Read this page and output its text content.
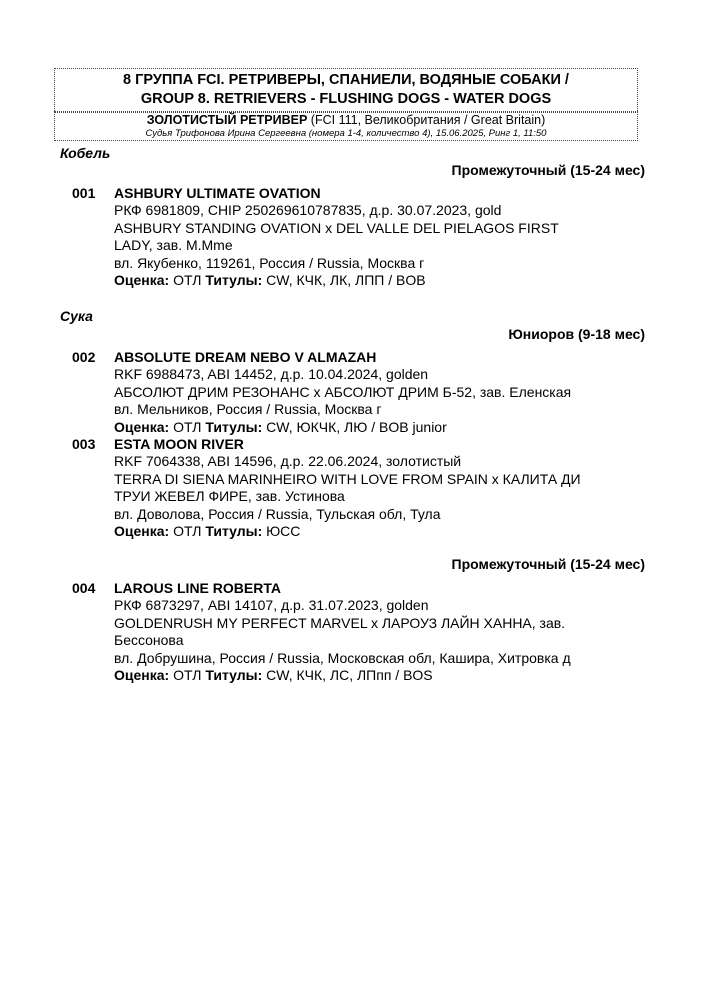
8 ГРУППА FCI. РЕТРИВЕРЫ, СПАНИЕЛИ, ВОДЯНЫЕ СОБАКИ /
GROUP 8. RETRIEVERS - FLUSHING DOGS - WATER DOGS
ЗОЛОТИСТЫЙ РЕТРИВЕР (FCI 111, Великобритания / Great Britain)
Судья Трифонова Ирина Сергеевна (номера 1-4, количество 4), 15.06.2025, Ринг 1, 11:50
Кобель
Промежуточный (15-24 мес)
001 ASHBURY ULTIMATE OVATION
РКФ 6981809, CHIP 250269610787835, д.р. 30.07.2023, gold
ASHBURY STANDING OVATION x DEL VALLE DEL PIELAGOS FIRST
LADY, зав. M.Mme
вл. Якубенко, 119261, Россия / Russia, Москва г
Оценка: ОТЛ Титулы: CW, КЧК, ЛК, ЛПП / BOB
Сука
Юниоров (9-18 мес)
002 ABSOLUTE DREAM NEBO V ALMAZAH
RKF 6988473, ABI 14452, д.р. 10.04.2024, golden
АБСОЛЮТ ДРИМ РЕЗОНАНС x АБСОЛЮТ ДРИМ Б-52, зав. Еленская
вл. Мельников, Россия / Russia, Москва г
Оценка: ОТЛ Титулы: CW, ЮКЧК, ЛЮ / BOB junior
003 ESTA MOON RIVER
RKF 7064338, ABI 14596, д.р. 22.06.2024, золотистый
TERRA DI SIENA MARINHEIRO WITH LOVE FROM SPAIN x КАЛИТА ДИ
ТРУИ ЖЕВЕЛ ФИРЕ, зав. Устинова
вл. Доволова, Россия / Russia, Тульская обл, Тула
Оценка: ОТЛ Титулы: ЮСС
Промежуточный (15-24 мес)
004 LAROUS LINE ROBERTA
РКФ 6873297, ABI 14107, д.р. 31.07.2023, golden
GOLDENRUSH MY PERFECT MARVEL x ЛАРОУЗ ЛАЙН ХАННА, зав.
Бессонова
вл. Добрушина, Россия / Russia, Московская обл, Кашира, Хитровка д
Оценка: ОТЛ Титулы: CW, КЧК, ЛС, ЛПпп / BOS
